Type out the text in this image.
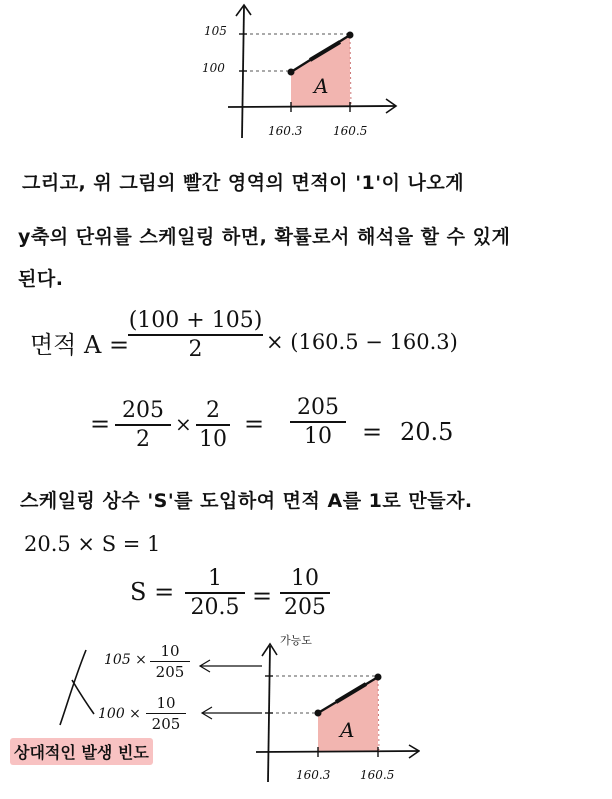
105
100
160.3	160.5
A
그리고, 위 그림의 빨간 영역의 면적이 '1'이 나오게
y축의 단위를 스케일링 하면, 확률로서 해석을 할 수 있게
된다.
면적 A =
(100 + 105)
2	× (160.5 − 160.3)
= 205
2
×
2
10
=
205
10	= 20.5
스케일링 상수 'S'를 도입하여 면적 A를 1로 만들자.
20.5 × S = 1
S =	1
20.5 =
10
205
가능도
105 × 10
205
100 ×
10
205
상대적인 발생 빈도
160.3 160.5
A
